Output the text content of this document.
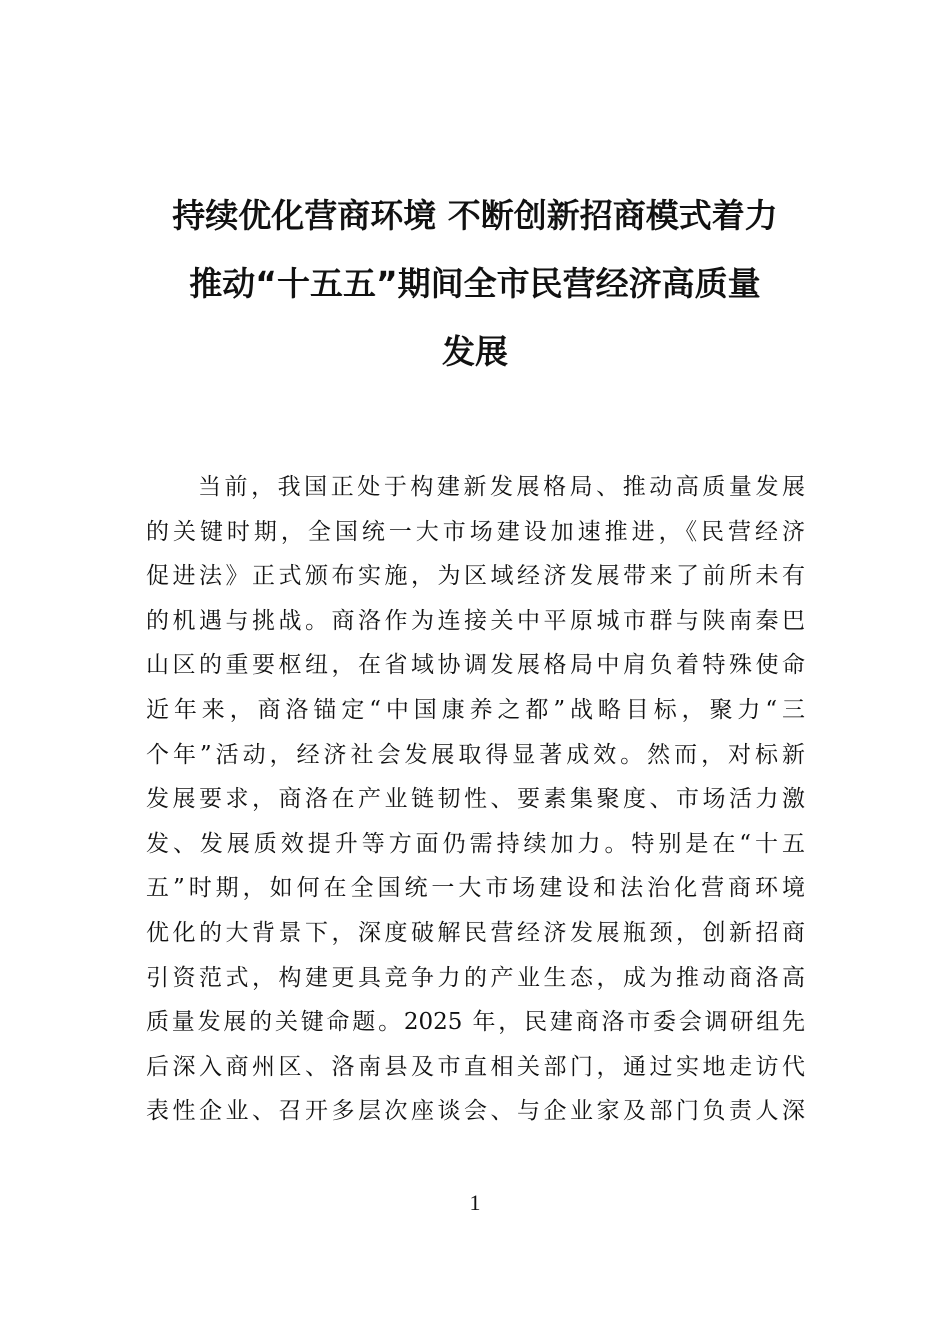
持续优化营商环境 不断创新招商模式着力
推动“十五五”期间全市民营经济高质量
发展
当前，我国正处于构建新发展格局、推动高质量发展
的关键时期，全国统一大市场建设加速推进，《民营经济
促进法》正式颁布实施，为区域经济发展带来了前所未有
的机遇与挑战。商洛作为连接关中平原城市群与陕南秦巴
山区的重要枢纽，在省域协调发展格局中肩负着特殊使命
近年来，商洛锚定“中国康养之都”战略目标，聚力“三
个年”活动，经济社会发展取得显著成效。然而，对标新
发展要求，商洛在产业链韧性、要素集聚度、市场活力激
发、发展质效提升等方面仍需持续加力。特别是在“十五
五”时期，如何在全国统一大市场建设和法治化营商环境
优化的大背景下，深度破解民营经济发展瓶颈，创新招商
引资范式，构建更具竞争力的产业生态，成为推动商洛高
质量发展的关键命题。2025 年，民建商洛市委会调研组先
后深入商州区、洛南县及市直相关部门，通过实地走访代
表性企业、召开多层次座谈会、与企业家及部门负责人深
1
